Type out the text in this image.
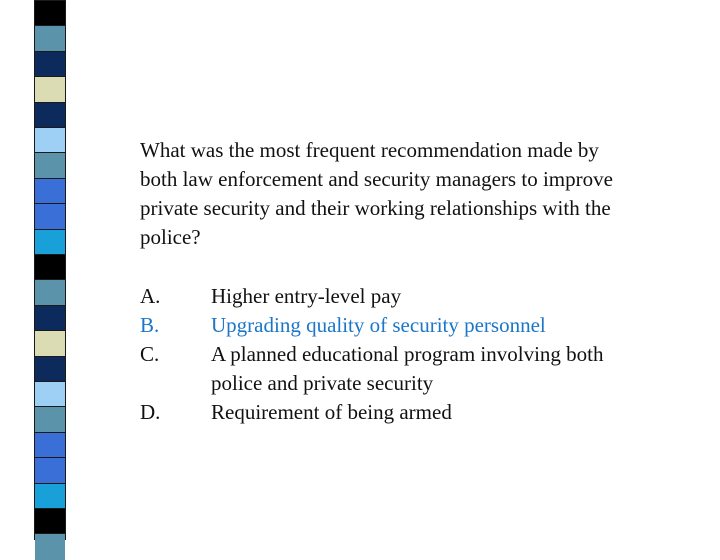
What was the most frequent recommendation made by both law enforcement and security managers to improve private security and their working relationships with the police?

A. Higher entry-level pay
B. Upgrading quality of security personnel
C. A planned educational program involving both police and private security
D. Requirement of being armed
